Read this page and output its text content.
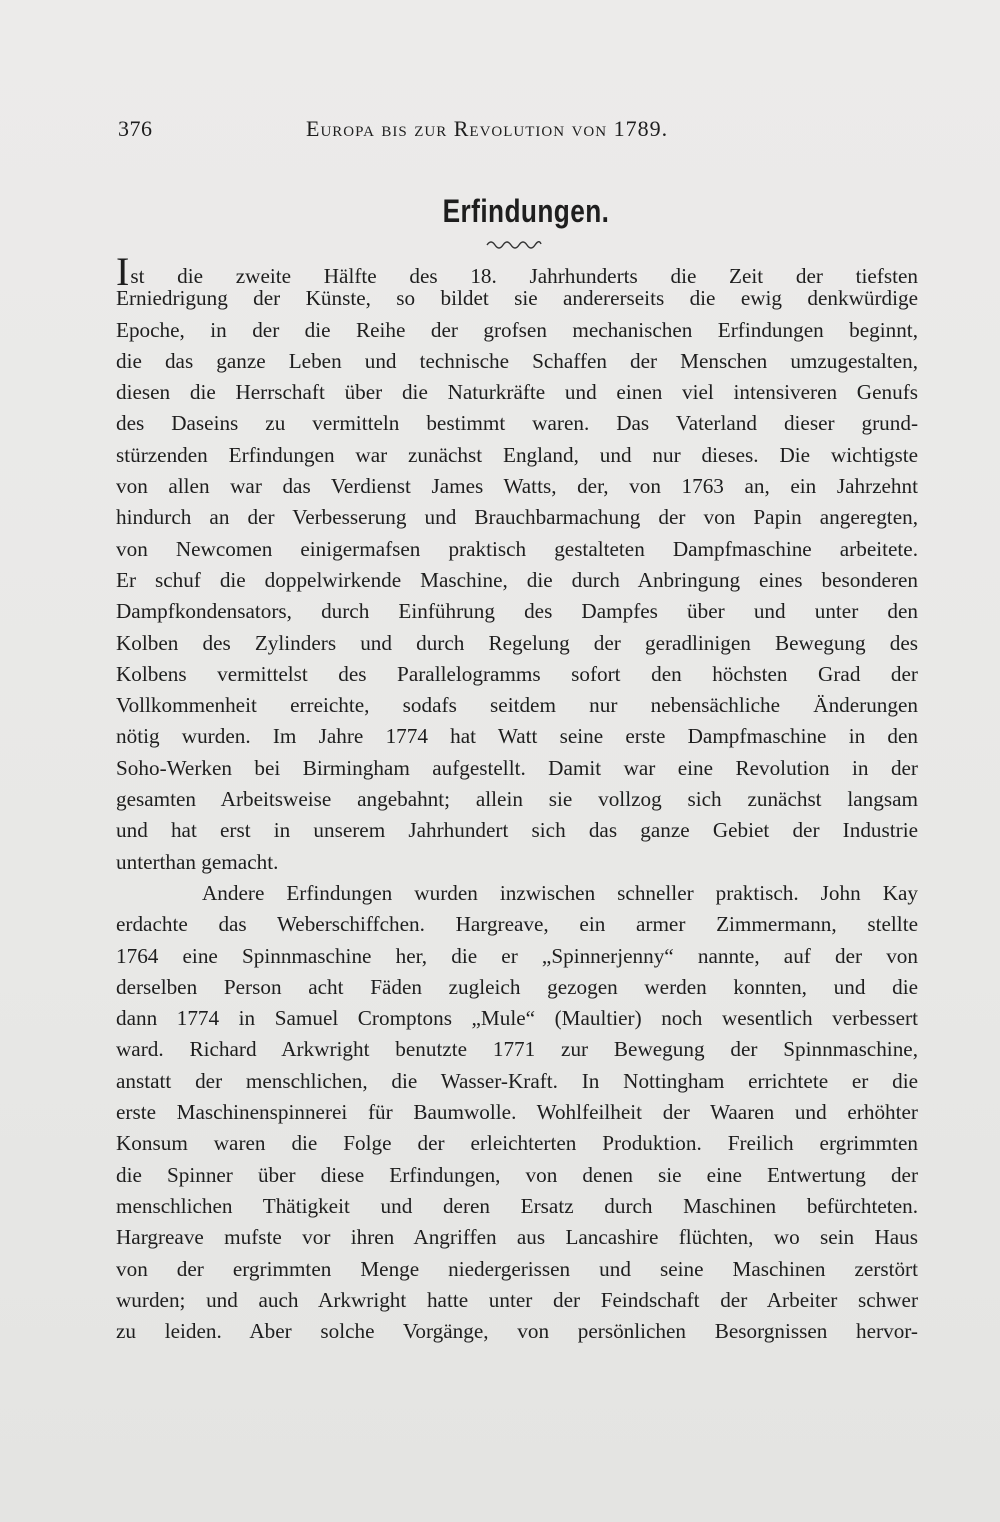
376	Europa bis zur Revolution von 1789.
Erfindungen.
Ist die zweite Hälfte des 18. Jahrhunderts die Zeit der tiefsten
Erniedrigung der Künste, so bildet sie andererseits die ewig denkwürdige
Epoche, in der die Reihe der grofsen mechanischen Erfindungen beginnt,
die das ganze Leben und technische Schaffen der Menschen umzugestalten,
diesen die Herrschaft über die Naturkräfte und einen viel intensiveren Genufs
des Daseins zu vermitteln bestimmt waren. Das Vaterland dieser grund-
stürzenden Erfindungen war zunächst England, und nur dieses. Die wichtigste
von allen war das Verdienst James Watts, der, von 1763 an, ein Jahrzehnt
hindurch an der Verbesserung und Brauchbarmachung der von Papin angeregten,
von Newcomen einigermafsen praktisch gestalteten Dampfmaschine arbeitete.
Er schuf die doppelwirkende Maschine, die durch Anbringung eines besonderen
Dampfkondensators, durch Einführung des Dampfes über und unter den
Kolben des Zylinders und durch Regelung der geradlinigen Bewegung des
Kolbens vermittelst des Parallelogramms sofort den höchsten Grad der
Vollkommenheit erreichte, sodafs seitdem nur nebensächliche Änderungen
nötig wurden. Im Jahre 1774 hat Watt seine erste Dampfmaschine in den
Soho-Werken bei Birmingham aufgestellt. Damit war eine Revolution in der
gesamten Arbeitsweise angebahnt; allein sie vollzog sich zunächst langsam
und hat erst in unserem Jahrhundert sich das ganze Gebiet der Industrie
unterthan gemacht.
Andere Erfindungen wurden inzwischen schneller praktisch. John Kay
erdachte das Weberschiffchen. Hargreave, ein armer Zimmermann, stellte
1764 eine Spinnmaschine her, die er „Spinnerjenny“ nannte, auf der von
derselben Person acht Fäden zugleich gezogen werden konnten, und die
dann 1774 in Samuel Cromptons „Mule“ (Maultier) noch wesentlich verbessert
ward. Richard Arkwright benutzte 1771 zur Bewegung der Spinnmaschine,
anstatt der menschlichen, die Wasser-Kraft. In Nottingham errichtete er die
erste Maschinenspinnerei für Baumwolle. Wohlfeilheit der Waaren und erhöhter
Konsum waren die Folge der erleichterten Produktion. Freilich ergrimmten
die Spinner über diese Erfindungen, von denen sie eine Entwertung der
menschlichen Thätigkeit und deren Ersatz durch Maschinen befürchteten.
Hargreave mufste vor ihren Angriffen aus Lancashire flüchten, wo sein Haus
von der ergrimmten Menge niedergerissen und seine Maschinen zerstört
wurden; und auch Arkwright hatte unter der Feindschaft der Arbeiter schwer
zu leiden. Aber solche Vorgänge, von persönlichen Besorgnissen hervor-
